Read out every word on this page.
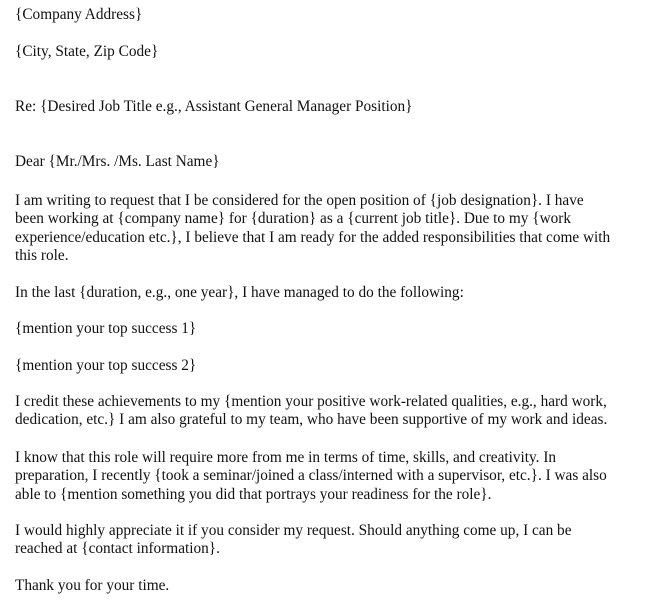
{Company Address}
{City, State, Zip Code}
Re: {Desired Job Title e.g., Assistant General Manager Position}
Dear {Mr./Mrs. /Ms. Last Name}
I am writing to request that I be considered for the open position of {job designation}. I have
been working at {company name} for {duration} as a {current job title}. Due to my {work
experience/education etc.}, I believe that I am ready for the added responsibilities that come with
this role.
In the last {duration, e.g., one year}, I have managed to do the following:
{mention your top success 1}
{mention your top success 2}
I credit these achievements to my {mention your positive work-related qualities, e.g., hard work,
dedication, etc.} I am also grateful to my team, who have been supportive of my work and ideas.
I know that this role will require more from me in terms of time, skills, and creativity. In
preparation, I recently {took a seminar/joined a class/interned with a supervisor, etc.}. I was also
able to {mention something you did that portrays your readiness for the role}.
I would highly appreciate it if you consider my request. Should anything come up, I can be
reached at {contact information}.
Thank you for your time.
